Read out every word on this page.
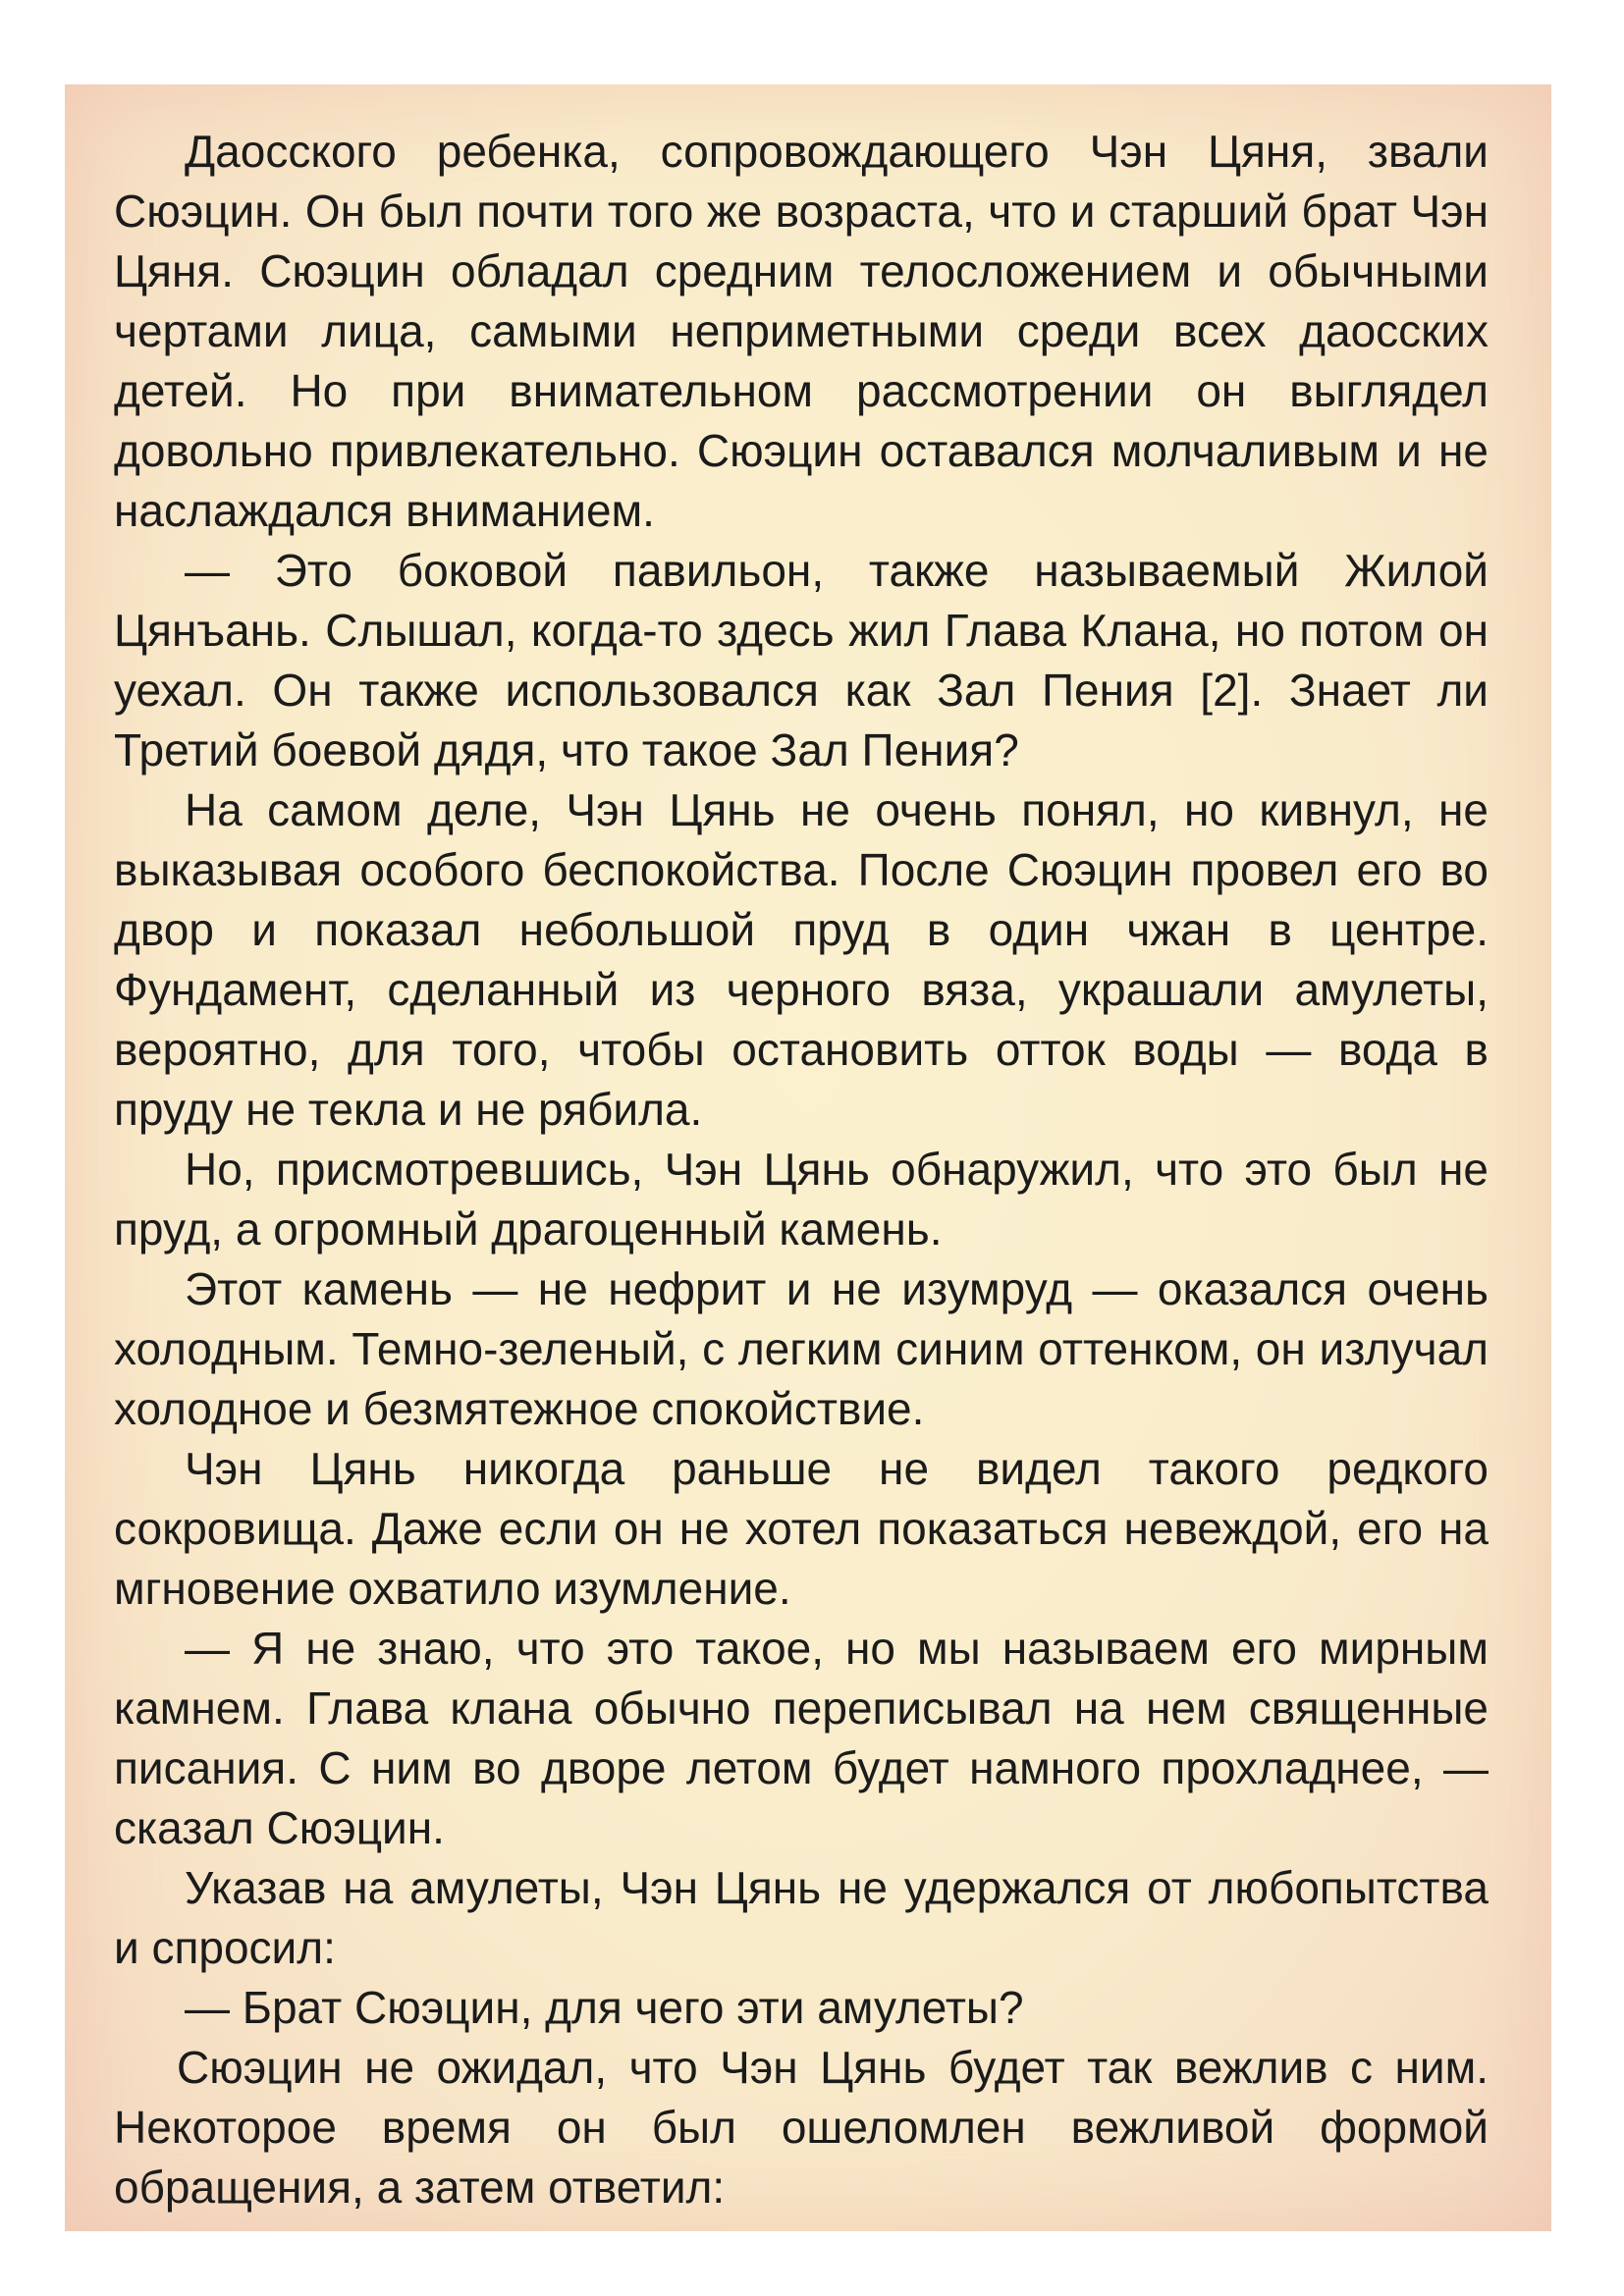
Даосского ребенка, сопровождающего Чэн Цяня, звали Сюэцин. Он был почти того же возраста, что и старший брат Чэн Цяня. Сюэцин обладал средним телосложением и обычными чертами лица, самыми неприметными среди всех даосских детей. Но при внимательном рассмотрении он выглядел довольно привлекательно. Сюэцин оставался молчаливым и не наслаждался вниманием.

— Это боковой павильон, также называемый Жилой Цянъань. Слышал, когда-то здесь жил Глава Клана, но потом он уехал. Он также использовался как Зал Пения [2]. Знает ли Третий боевой дядя, что такое Зал Пения?

На самом деле, Чэн Цянь не очень понял, но кивнул, не выказывая особого беспокойства. После Сюэцин провел его во двор и показал небольшой пруд в один чжан в центре. Фундамент, сделанный из черного вяза, украшали амулеты, вероятно, для того, чтобы остановить отток воды — вода в пруду не текла и не рябила.

Но, присмотревшись, Чэн Цянь обнаружил, что это был не пруд, а огромный драгоценный камень.

Этот камень — не нефрит и не изумруд — оказался очень холодным. Темно-зеленый, с легким синим оттенком, он излучал холодное и безмятежное спокойствие.

Чэн Цянь никогда раньше не видел такого редкого сокровища. Даже если он не хотел показаться невеждой, его на мгновение охватило изумление.

— Я не знаю, что это такое, но мы называем его мирным камнем. Глава клана обычно переписывал на нем священные писания. С ним во дворе летом будет намного прохладнее, — сказал Сюэцин.

Указав на амулеты, Чэн Цянь не удержался от любопытства и спросил:

— Брат Сюэцин, для чего эти амулеты?

Сюэцин не ожидал, что Чэн Цянь будет так вежлив с ним. Некоторое время он был ошеломлен вежливой формой обращения, а затем ответил:
